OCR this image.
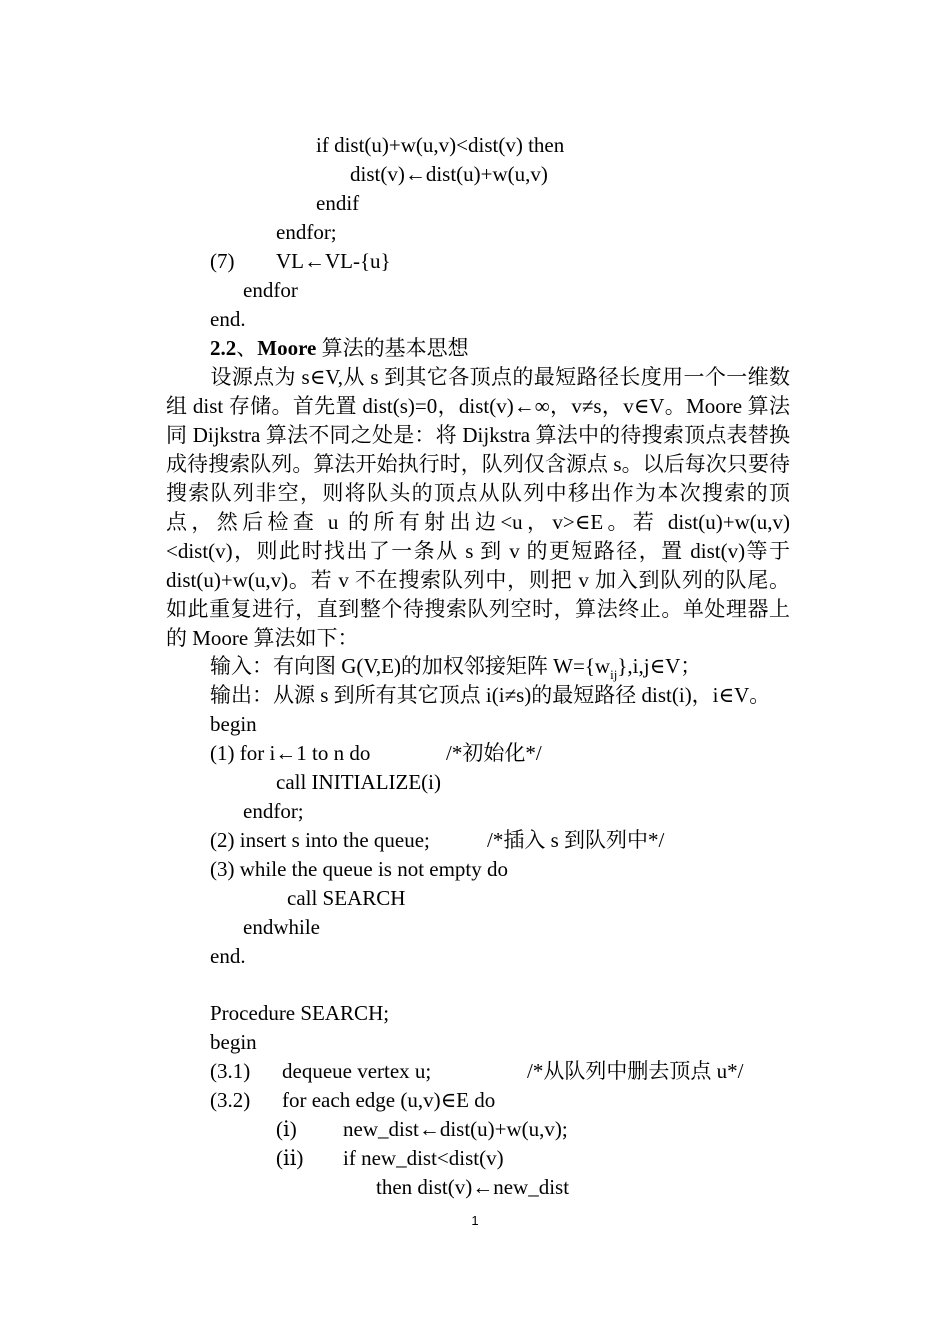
if dist(u)+w(u,v)<dist(v) then
dist(v)←dist(u)+w(u,v)
endif
endfor;
(7) VL←VL-{u}
endfor
end.
2.2、Moore 算法的基本思想
设源点为 s∈V,从 s 到其它各顶点的最短路径长度用一个一维数组 dist 存储。首先置 dist(s)=0，dist(v)←∞，v≠s，v∈V。Moore 算法同 Dijkstra 算法不同之处是：将 Dijkstra 算法中的待搜索顶点表替换成待搜索队列。算法开始执行时，队列仅含源点 s。以后每次只要待搜索队列非空，则将队头的顶点从队列中移出作为本次搜索的顶点，然后检查 u 的所有射出边<u，v>∈E。若 dist(u)+w(u,v)<dist(v)，则此时找出了一条从 s 到 v 的更短路径，置 dist(v)等于 dist(u)+w(u,v)。若 v 不在搜索队列中，则把 v 加入到队列的队尾。如此重复进行，直到整个待搜索队列空时，算法终止。单处理器上的 Moore 算法如下：
输入：有向图 G(V,E)的加权邻接矩阵 $W=\{w_{ij}\},i,j\in V$；
输出：从源 s 到所有其它顶点 i(i≠s)的最短路径 dist(i)，i∈V。
begin
(1) for i←1 to n do	/*初始化*/
call INITIALIZE(i)
endfor;
(2) insert s into the queue;	/*插入 s 到队列中*/
(3) while the queue is not empty do
call SEARCH
endwhile
end.
Procedure SEARCH;
begin
(3.1) dequeue vertex u;	/*从队列中删去顶点 u*/
(3.2) for each edge (u,v)∈E do
(ⅰ) new_dist←dist(u)+w(u,v);
(ⅱ) if new_dist<dist(v)
then dist(v)←new_dist
1
